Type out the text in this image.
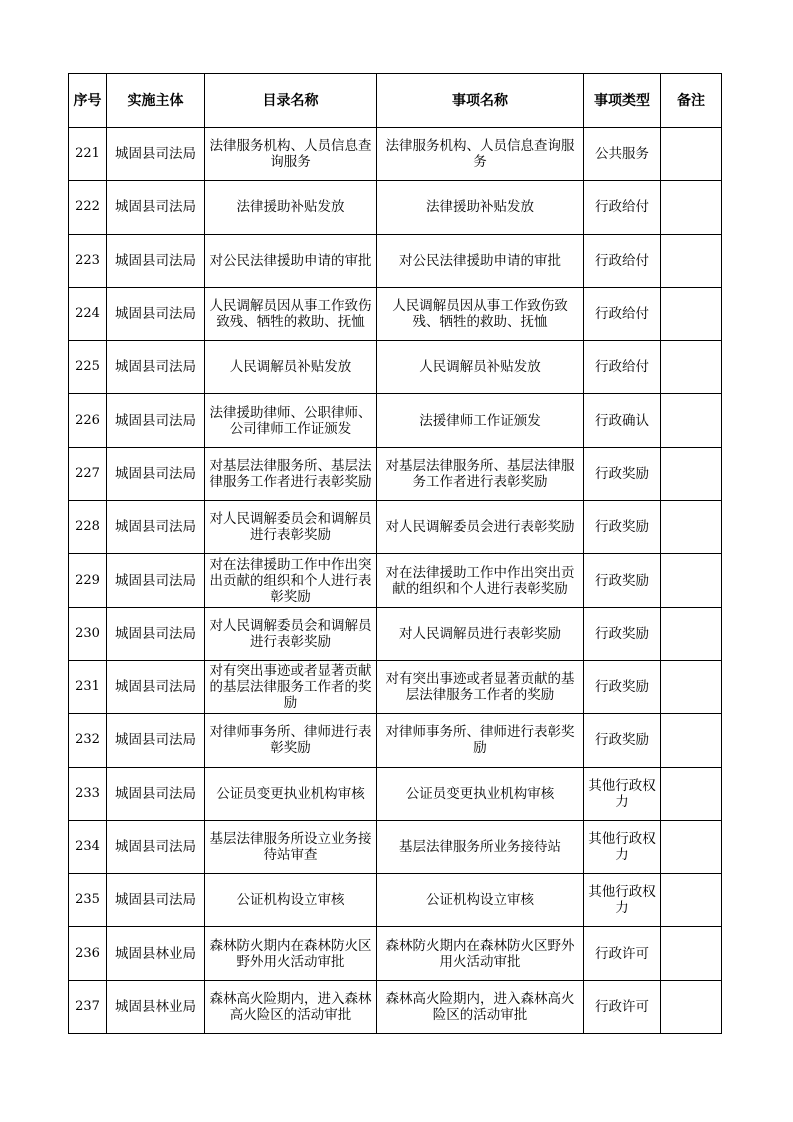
序号	实施主体	目录名称	事项名称	事项类型	备注
221	城固县司法局	法律服务机构、人员信息查询服务	法律服务机构、人员信息查询服务	公共服务	
222	城固县司法局	法律援助补贴发放	法律援助补贴发放	行政给付	
223	城固县司法局	对公民法律援助申请的审批	对公民法律援助申请的审批	行政给付	
224	城固县司法局	人民调解员因从事工作致伤致残、牺牲的救助、抚恤	人民调解员因从事工作致伤致残、牺牲的救助、抚恤	行政给付	
225	城固县司法局	人民调解员补贴发放	人民调解员补贴发放	行政给付	
226	城固县司法局	法律援助律师、公职律师、公司律师工作证颁发	法援律师工作证颁发	行政确认	
227	城固县司法局	对基层法律服务所、基层法律服务工作者进行表彰奖励	对基层法律服务所、基层法律服务工作者进行表彰奖励	行政奖励	
228	城固县司法局	对人民调解委员会和调解员进行表彰奖励	对人民调解委员会进行表彰奖励	行政奖励	
229	城固县司法局	对在法律援助工作中作出突出贡献的组织和个人进行表彰奖励	对在法律援助工作中作出突出贡献的组织和个人进行表彰奖励	行政奖励	
230	城固县司法局	对人民调解委员会和调解员进行表彰奖励	对人民调解员进行表彰奖励	行政奖励	
231	城固县司法局	对有突出事迹或者显著贡献的基层法律服务工作者的奖励	对有突出事迹或者显著贡献的基层法律服务工作者的奖励	行政奖励	
232	城固县司法局	对律师事务所、律师进行表彰奖励	对律师事务所、律师进行表彰奖励	行政奖励	
233	城固县司法局	公证员变更执业机构审核	公证员变更执业机构审核	其他行政权力	
234	城固县司法局	基层法律服务所设立业务接待站审查	基层法律服务所业务接待站	其他行政权力	
235	城固县司法局	公证机构设立审核	公证机构设立审核	其他行政权力	
236	城固县林业局	森林防火期内在森林防火区野外用火活动审批	森林防火期内在森林防火区野外用火活动审批	行政许可	
237	城固县林业局	森林高火险期内，进入森林高火险区的活动审批	森林高火险期内，进入森林高火险区的活动审批	行政许可	
